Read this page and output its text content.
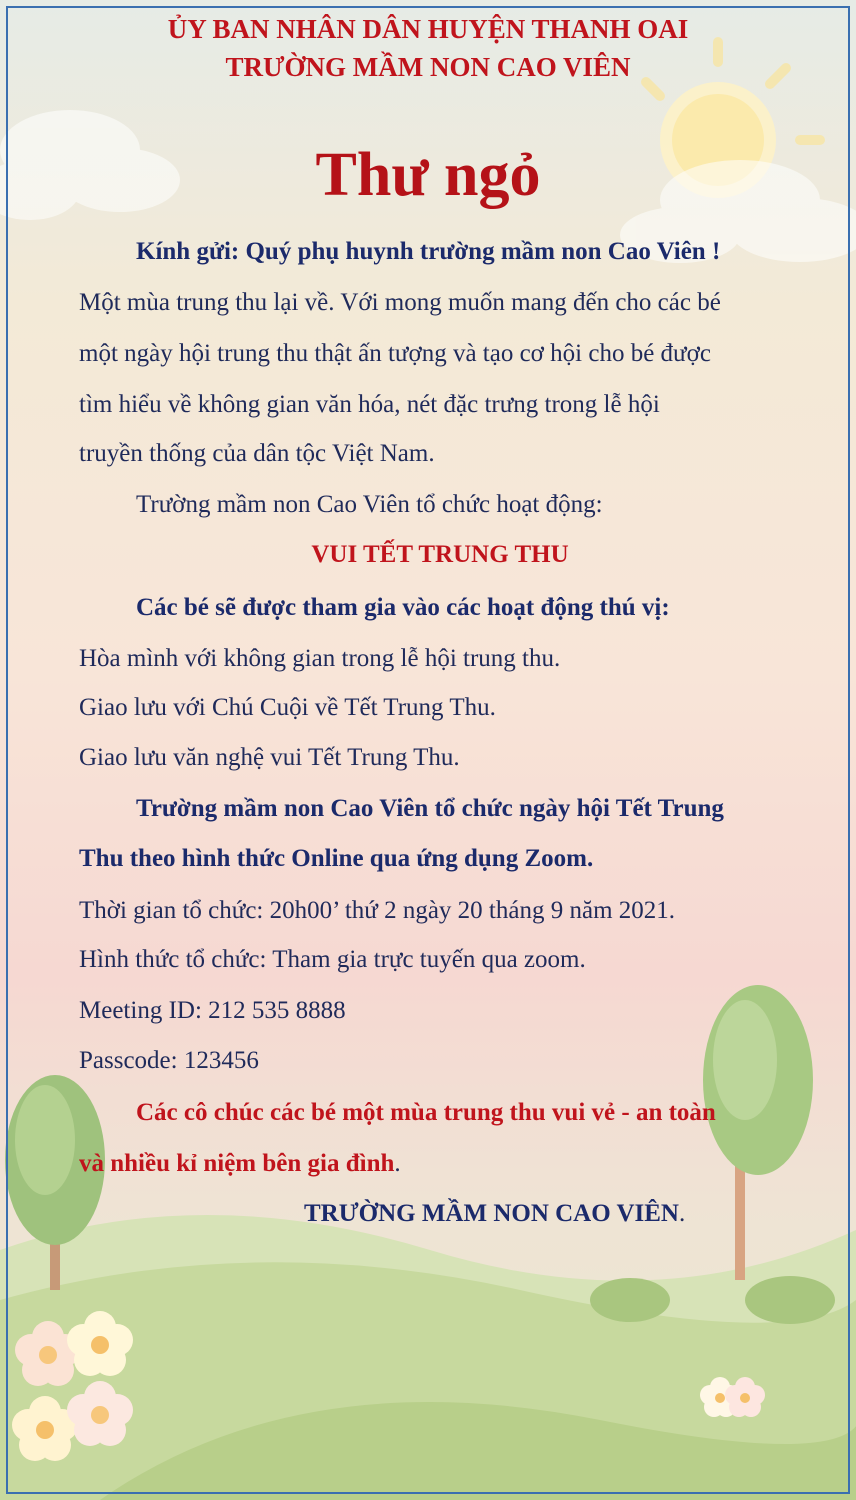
ỦY BAN NHÂN DÂN HUYỆN THANH OAI
TRƯỜNG MẦM NON CAO VIÊN
Thư ngỏ
Kính gửi: Quý phụ huynh trường mầm non Cao Viên !
Một mùa trung thu lại về. Với mong muốn mang đến cho các bé
một ngày hội trung thu thật ấn tượng và tạo cơ hội cho bé được
tìm hiểu về không gian văn hóa, nét đặc trưng trong lễ hội
truyền thống của dân tộc Việt Nam.
Trường mầm non Cao Viên tổ chức hoạt động:
VUI TẾT TRUNG THU
Các bé sẽ được tham gia vào các hoạt động thú vị:
Hòa mình với không gian trong lễ hội trung thu.
Giao lưu với Chú Cuội về Tết Trung Thu.
Giao lưu văn nghệ vui Tết Trung Thu.
Trường mầm non Cao Viên tổ chức ngày hội Tết Trung
Thu theo hình thức Online qua ứng dụng Zoom.
Thời gian tổ chức: 20h00’ thứ 2 ngày 20 tháng 9 năm 2021.
Hình thức tổ chức: Tham gia trực tuyến qua zoom.
Meeting ID: 212 535 8888
Passcode: 123456
Các cô chúc các bé một mùa trung thu vui vẻ - an toàn
và nhiều kỉ niệm bên gia đình.
TRƯỜNG MẦM NON CAO VIÊN.
